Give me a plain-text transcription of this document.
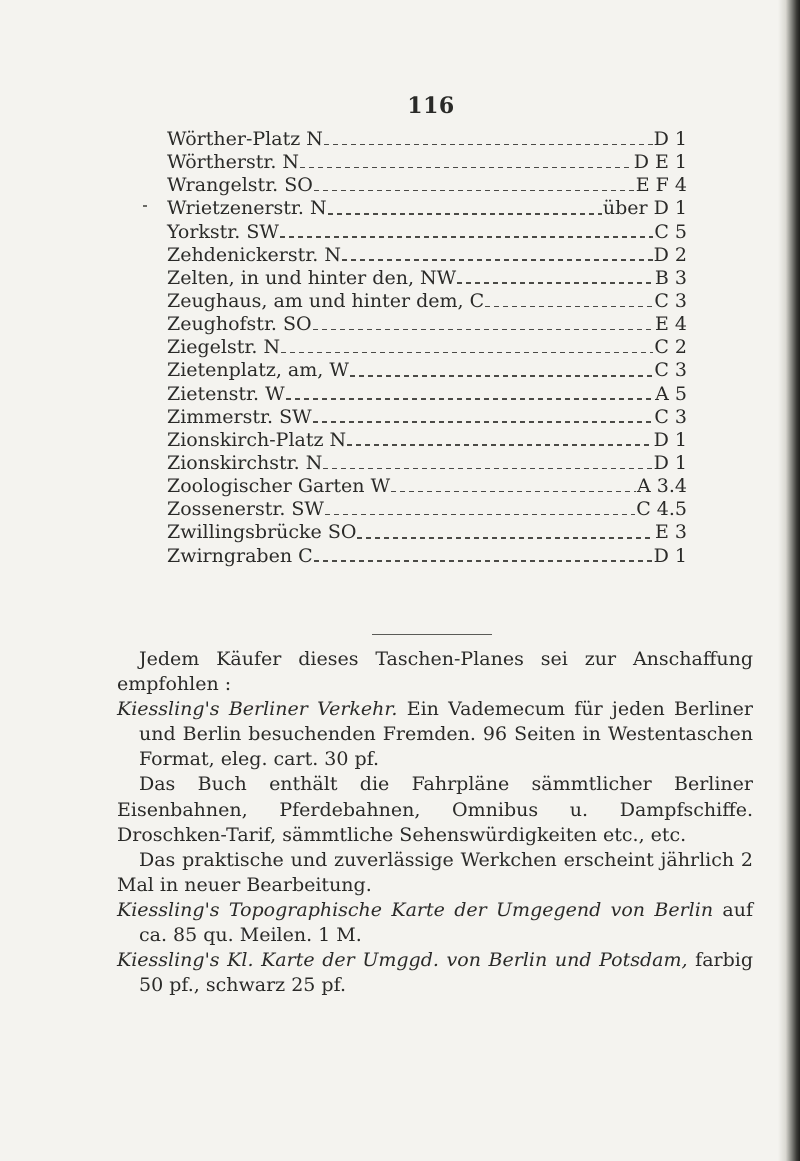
116
Wörther-Platz N	D 1
Wörtherstr. N	D E 1
Wrangelstr. SO	E F 4
Wrietzenerstr. N	über D 1
Yorkstr. SW	C 5
Zehdenickerstr. N	D 2
Zelten, in und hinter den, NW	B 3
Zeughaus, am und hinter dem, C	C 3
Zeughofstr. SO	E 4
Ziegelstr. N	C 2
Zietenplatz, am, W	C 3
Zietenstr. W	A 5
Zimmerstr. SW	C 3
Zionskirch-Platz N	D 1
Zionskirchstr. N	D 1
Zoologischer Garten W	A 3.4
Zossenerstr. SW	C 4.5
Zwillingsbrücke SO	E 3
Zwirngraben C	D 1

Jedem Käufer dieses Taschen-Planes sei zur Anschaffung empfohlen :

Kiessling's Berliner Verkehr. Ein Vademecum für jeden Berliner und Berlin besuchenden Fremden. 96 Seiten in Westentaschen Format, eleg. cart. 30 pf.

Das Buch enthält die Fahrpläne sämmtlicher Berliner Eisenbahnen, Pferdebahnen, Omnibus u. Dampfschiffe. Droschken-Tarif, sämmtliche Sehenswürdigkeiten etc., etc.

Das praktische und zuverlässige Werkchen erscheint jährlich 2 Mal in neuer Bearbeitung.

Kiessling's Topographische Karte der Umgegend von Berlin auf ca. 85 qu. Meilen. 1 M.

Kiessling's Kl. Karte der Umggd. von Berlin und Potsdam, farbig 50 pf., schwarz 25 pf.
